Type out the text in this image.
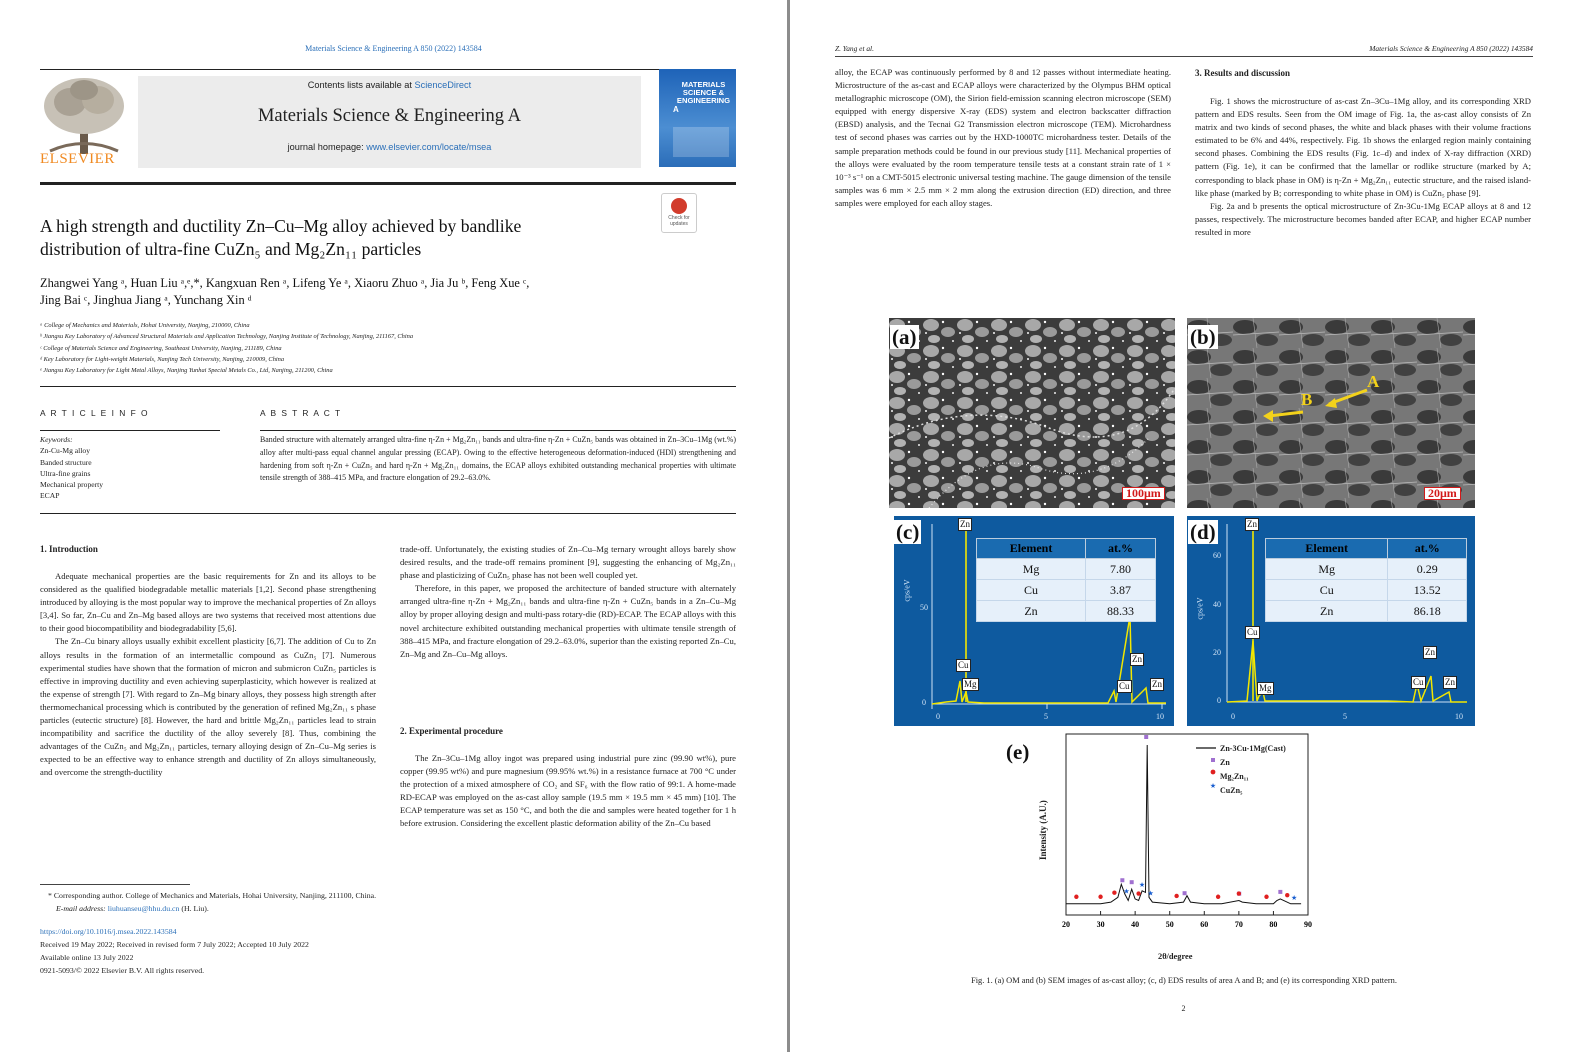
Materials Science & Engineering A 850 (2022) 143584
ELSEVIER
Contents lists available at ScienceDirect
Materials Science & Engineering A
journal homepage: www.elsevier.com/locate/msea
MATERIALS SCIENCE & ENGINEERING
A
Check for updates
A high strength and ductility Zn–Cu–Mg alloy achieved by bandlike
distribution of ultra-fine CuZn₅ and Mg₂Zn₁₁ particles
Zhangwei Yang ᵃ, Huan Liu ᵃ,ᵉ,*, Kangxuan Ren ᵃ, Lifeng Ye ᵃ, Xiaoru Zhuo ᵃ, Jia Ju ᵇ, Feng Xue ᶜ,
Jing Bai ᶜ, Jinghua Jiang ᵃ, Yunchang Xin ᵈ
ᵃ College of Mechanics and Materials, Hohai University, Nanjing, 210000, China
ᵇ Jiangsu Key Laboratory of Advanced Structural Materials and Application Technology, Nanjing Institute of Technology, Nanjing, 211167, China
ᶜ College of Materials Science and Engineering, Southeast University, Nanjing, 211189, China
ᵈ Key Laboratory for Light-weight Materials, Nanjing Tech University, Nanjing, 210009, China
ᵉ Jiangsu Key Laboratory for Light Metal Alloys, Nanjing Yunhai Special Metals Co., Ltd, Nanjing, 211200, China
A R T I C L E I N F O
Keywords:
Zn-Cu-Mg alloy
Banded structure
Ultra-fine grains
Mechanical property
ECAP
A B S T R A C T
Banded structure with alternately arranged ultra-fine η-Zn + Mg₂Zn₁₁ bands and ultra-fine η-Zn + CuZn₅ bands was obtained in Zn–3Cu–1Mg (wt.%) alloy after multi-pass equal channel angular pressing (ECAP). Owing to the effective heterogeneous deformation-induced (HDI) strengthening and hardening from soft η-Zn + CuZn₅ and hard η-Zn + Mg₂Zn₁₁ domains, the ECAP alloys exhibited outstanding mechanical properties with ultimate tensile strength of 388–415 MPa, and fracture elongation of 29.2–63.0%.
1. Introduction

Adequate mechanical properties are the basic requirements for Zn and its alloys to be considered as the qualified biodegradable metallic materials [1,2]. Second phase strengthening introduced by alloying is the most popular way to improve the mechanical properties of Zn alloys [3,4]. So far, Zn–Cu and Zn–Mg based alloys are two systems that received most attentions due to their good biocompatibility and biodegradability [5,6].

The Zn–Cu binary alloys usually exhibit excellent plasticity [6,7]. The addition of Cu to Zn alloys results in the formation of an intermetallic compound as CuZn₅ [7]. Numerous experimental studies have shown that the formation of micron and submicron CuZn₅ particles is effective in improving ductility and even achieving superplasticity, which however is realized at the expense of strength [7]. With regard to Zn–Mg binary alloys, they possess high strength after thermomechanical processing which is contributed by the generation of refined Mg₂Zn₁₁ s phase particles (eutectic structure) [8]. However, the hard and brittle Mg₂Zn₁₁ particles lead to strain incompatibility and sacrifice the ductility of the alloy severely [8]. Thus, combining the advantages of the CuZn₅ and Mg₂Zn₁₁ particles, ternary alloying design of Zn–Cu–Mg series is expected to be an effective way to enhance strength and ductility of Zn alloys simultaneously, and overcome the strength-ductility

trade-off. Unfortunately, the existing studies of Zn–Cu–Mg ternary wrought alloys barely show desired results, and the trade-off remains prominent [9], suggesting the enhancing of Mg₂Zn₁₁ phase and plasticizing of CuZn₅ phase has not been well coupled yet.

Therefore, in this paper, we proposed the architecture of banded structure with alternately arranged ultra-fine η-Zn + Mg₂Zn₁₁ bands and ultra-fine η-Zn + CuZn₅ bands in a Zn–Cu–Mg alloy by proper alloying design and multi-pass rotary-die (RD)-ECAP. The ECAP alloys with this novel architecture exhibited outstanding mechanical properties with ultimate tensile strength of 388–415 MPa, and fracture elongation of 29.2–63.0%, superior than the existing reported Zn–Cu, Zn–Mg and Zn–Cu–Mg alloys.

2. Experimental procedure

The Zn–3Cu–1Mg alloy ingot was prepared using industrial pure zinc (99.90 wt%), pure copper (99.95 wt%) and pure magnesium (99.95% wt.%) in a resistance furnace at 700 °C under the protection of a mixed atmosphere of CO₂ and SF₆ with the flow ratio of 99:1. A home-made RD-ECAP was employed on the as-cast alloy sample (19.5 mm × 19.5 mm × 45 mm) [10]. The ECAP temperature was set as 150 °C, and both the die and samples were heated together for 1 h before extrusion. Considering the excellent plastic deformation ability of the Zn–Cu based

* Corresponding author. College of Mechanics and Materials, Hohai University, Nanjing, 211100, China.
E-mail address: liuhuanseu@hhu.du.cn (H. Liu).
https://doi.org/10.1016/j.msea.2022.143584
Received 19 May 2022; Received in revised form 7 July 2022; Accepted 10 July 2022
Available online 13 July 2022
0921-5093/© 2022 Elsevier B.V. All rights reserved.
Z. Yang et al.	Materials Science & Engineering A 850 (2022) 143584

alloy, the ECAP was continuously performed by 8 and 12 passes without intermediate heating. Microstructure of the as-cast and ECAP alloys were characterized by the Olympus BHM optical metallographic microscope (OM), the Sirion field-emission scanning electron microscope (SEM) equipped with energy dispersive X-ray (EDS) system and electron backscatter diffraction (EBSD) analysis, and the Tecnai G2 Transmission electron microscope (TEM). Microhardness test of second phases was carries out by the HXD-1000TC microhardness tester. Details of the sample preparation methods could be found in our previous study [11]. Mechanical properties of the alloys were evaluated by the room temperature tensile tests at a constant strain rate of 1 × 10⁻³ s⁻¹ on a CMT-5015 electronic universal testing machine. The gauge dimension of the tensile samples was 6 mm × 2.5 mm × 2 mm along the extrusion direction (ED) direction, and three samples were employed for each alloy stages.

3. Results and discussion

Fig. 1 shows the microstructure of as-cast Zn–3Cu–1Mg alloy, and its corresponding XRD pattern and EDS results. Seen from the OM image of Fig. 1a, the as-cast alloy consists of Zn matrix and two kinds of second phases, the white and black phases with their volume fractions estimated to be 6% and 44%, respectively. Fig. 1b shows the enlarged region mainly containing second phases. Combining the EDS results (Fig. 1c–d) and index of X-ray diffraction (XRD) pattern (Fig. 1e), it can be confirmed that the lamellar or rodlike structure (marked by A; corresponding to black phase in OM) is η-Zn + Mg₂Zn₁₁ eutectic structure, and the raised island-like phase (marked by B; corresponding to white phase in OM) is CuZn₅ phase [9].

Fig. 2a and b presents the optical microstructure of Zn-3Cu-1Mg ECAP alloys at 8 and 12 passes, respectively. The microstructure becomes banded after ECAP, and higher ECAP number resulted in more

(a)
100μm
A
B
(b)
20μm
Zn
Cu
Mg
Zn
Cu Zn
cps/eV
50
0
0	5	10
Element	at.%
Mg	7.80
Cu	3.87
Zn	88.33
(c)	Zn
Cu
Mg
Zn
Cu Zn
cps/eV
60
40
20
0
0	5	10
Element	at.%
Mg	0.29
Cu	13.52
Zn	86.18
(d)
(e)
Intensity (A.U.)
20	30	40	50	60	70	80	90
★
★
★
★
★
Zn-3Cu-1Mg(Cast)
Zn
Mg₂Zn₁₁
CuZn₅
2θ/degree
Fig. 1. (a) OM and (b) SEM images of as-cast alloy; (c, d) EDS results of area A and B; and (e) its corresponding XRD pattern.
2
